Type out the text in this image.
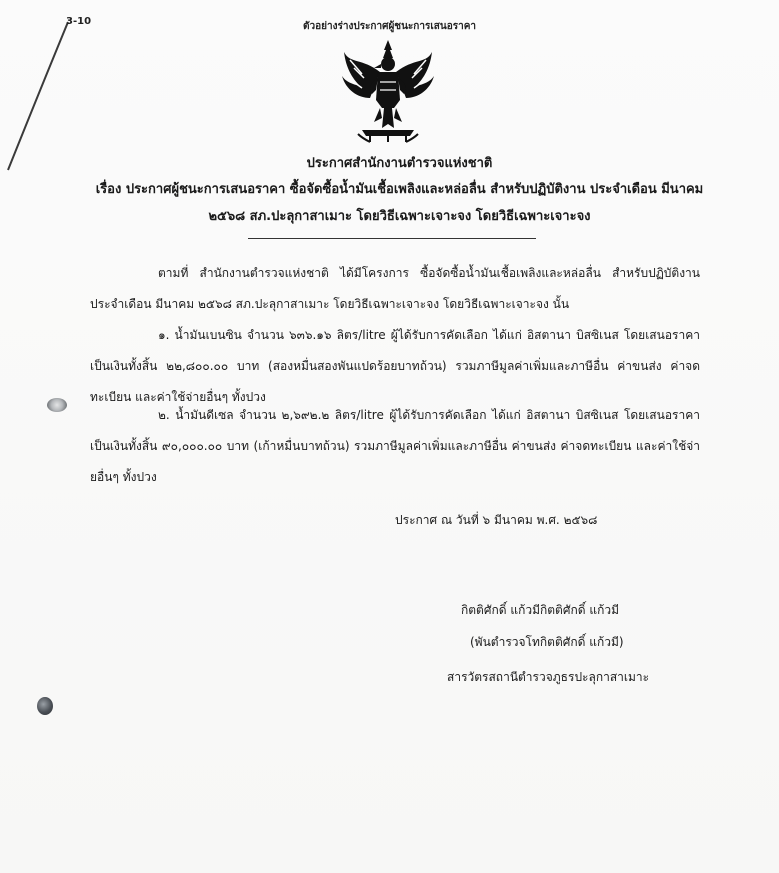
3-10	ตัวอย่างร่างประกาศผู้ชนะการเสนอราคา
ประกาศสำนักงานตำรวจแห่งชาติ
เรื่อง ประกาศผู้ชนะการเสนอราคา ซื้อจัดซื้อน้ำมันเชื้อเพลิงและหล่อลื่น สำหรับปฏิบัติงาน ประจำเดือน มีนาคม
๒๕๖๘ สภ.ปะลุกาสาเมาะ โดยวิธีเฉพาะเจาะจง โดยวิธีเฉพาะเจาะจง
ตามที่ สำนักงานตำรวจแห่งชาติ ได้มีโครงการ ซื้อจัดซื้อน้ำมันเชื้อเพลิงและหล่อลื่น สำหรับปฏิบัติงาน ประจำเดือน มีนาคม ๒๕๖๘ สภ.ปะลุกาสาเมาะ โดยวิธีเฉพาะเจาะจง โดยวิธีเฉพาะเจาะจง นั้น
๑. น้ำมันเบนซิน จำนวน ๖๓๖.๑๖ ลิตร/litre ผู้ได้รับการคัดเลือก ได้แก่ อิสตานา บิสซิเนส โดยเสนอราคา เป็นเงินทั้งสิ้น ๒๒,๘๐๐.๐๐ บาท (สองหมื่นสองพันแปดร้อยบาทถ้วน) รวมภาษีมูลค่าเพิ่มและภาษีอื่น ค่าขนส่ง ค่าจดทะเบียน และค่าใช้จ่ายอื่นๆ ทั้งปวง
๒. น้ำมันดีเซล จำนวน ๒,๖๙๒.๒ ลิตร/litre ผู้ได้รับการคัดเลือก ได้แก่ อิสตานา บิสซิเนส โดยเสนอราคา เป็นเงินทั้งสิ้น ๙๐,๐๐๐.๐๐ บาท (เก้าหมื่นบาทถ้วน) รวมภาษีมูลค่าเพิ่มและภาษีอื่น ค่าขนส่ง ค่าจดทะเบียน และค่าใช้จ่ายอื่นๆ ทั้งปวง
ประกาศ ณ วันที่ ๖ มีนาคม พ.ศ. ๒๕๖๘
กิตติศักดิ์ แก้วมีกิตติศักดิ์ แก้วมี
(พันตำรวจโทกิตติศักดิ์ แก้วมี)
สารวัตรสถานีตำรวจภูธรปะลุกาสาเมาะ
